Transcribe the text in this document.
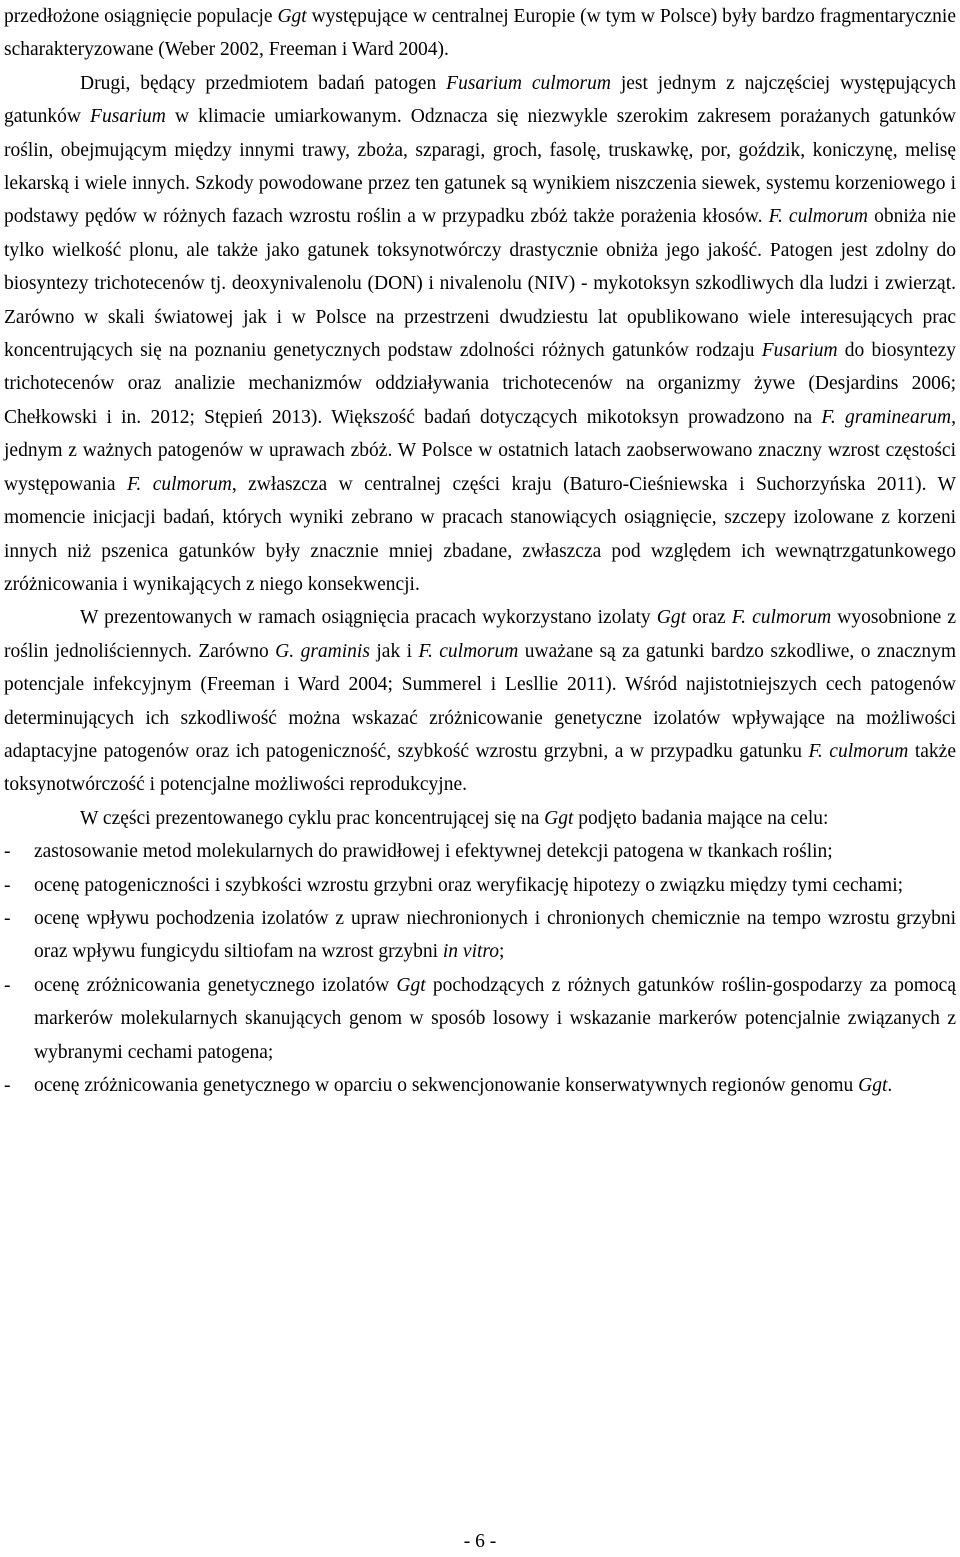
przedłożone osiągnięcie populacje Ggt występujące w centralnej Europie (w tym w Polsce) były bardzo fragmentarycznie scharakteryzowane (Weber 2002, Freeman i Ward 2004).

Drugi, będący przedmiotem badań patogen Fusarium culmorum jest jednym z najczęściej występujących gatunków Fusarium w klimacie umiarkowanym. Odznacza się niezwykle szerokim zakresem porażanych gatunków roślin, obejmującym między innymi trawy, zboża, szparagi, groch, fasolę, truskawkę, por, goździk, koniczynę, melisę lekarską i wiele innych. Szkody powodowane przez ten gatunek są wynikiem niszczenia siewek, systemu korzeniowego i podstawy pędów w różnych fazach wzrostu roślin a w przypadku zbóż także porażenia kłosów. F. culmorum obniża nie tylko wielkość plonu, ale także jako gatunek toksynotwórczy drastycznie obniża jego jakość. Patogen jest zdolny do biosyntezy trichotecenów tj. deoxynivalenolu (DON) i nivalenolu (NIV) - mykotoksyn szkodliwych dla ludzi i zwierząt. Zarówno w skali światowej jak i w Polsce na przestrzeni dwudziestu lat opublikowano wiele interesujących prac koncentrujących się na poznaniu genetycznych podstaw zdolności różnych gatunków rodzaju Fusarium do biosyntezy trichotecenów oraz analizie mechanizmów oddziaływania trichotecenów na organizmy żywe (Desjardins 2006; Chełkowski i in. 2012; Stępień 2013). Większość badań dotyczących mikotoksyn prowadzono na F. graminearum, jednym z ważnych patogenów w uprawach zbóż. W Polsce w ostatnich latach zaobserwowano znaczny wzrost częstości występowania F. culmorum, zwłaszcza w centralnej części kraju (Baturo-Cieśniewska i Suchorzyńska 2011). W momencie inicjacji badań, których wyniki zebrano w pracach stanowiących osiągnięcie, szczepy izolowane z korzeni innych niż pszenica gatunków były znacznie mniej zbadane, zwłaszcza pod względem ich wewnątrzgatunkowego zróżnicowania i wynikających z niego konsekwencji.

W prezentowanych w ramach osiągnięcia pracach wykorzystano izolaty Ggt oraz F. culmorum wyosobnione z roślin jednoliściennych. Zarówno G. graminis jak i F. culmorum uważane są za gatunki bardzo szkodliwe, o znacznym potencjale infekcyjnym (Freeman i Ward 2004; Summerel i Lesllie 2011). Wśród najistotniejszych cech patogenów determinujących ich szkodliwość można wskazać zróżnicowanie genetyczne izolatów wpływające na możliwości adaptacyjne patogenów oraz ich patogeniczność, szybkość wzrostu grzybni, a w przypadku gatunku F. culmorum także toksynotwórczość i potencjalne możliwości reprodukcyjne.

W części prezentowanego cyklu prac koncentrującej się na Ggt podjęto badania mające na celu:

- zastosowanie metod molekularnych do prawidłowej i efektywnej detekcji patogena w tkankach roślin;
- ocenę patogeniczności i szybkości wzrostu grzybni oraz weryfikację hipotezy o związku między tymi cechami;
- ocenę wpływu pochodzenia izolatów z upraw niechronionych i chronionych chemicznie na tempo wzrostu grzybni oraz wpływu fungicydu siltiofam na wzrost grzybni in vitro;
- ocenę zróżnicowania genetycznego izolatów Ggt pochodzących z różnych gatunków roślin-gospodarzy za pomocą markerów molekularnych skanujących genom w sposób losowy i wskazanie markerów potencjalnie związanych z wybranymi cechami patogena;
- ocenę zróżnicowania genetycznego w oparciu o sekwencjonowanie konserwatywnych regionów genomu Ggt.
- 6 -
